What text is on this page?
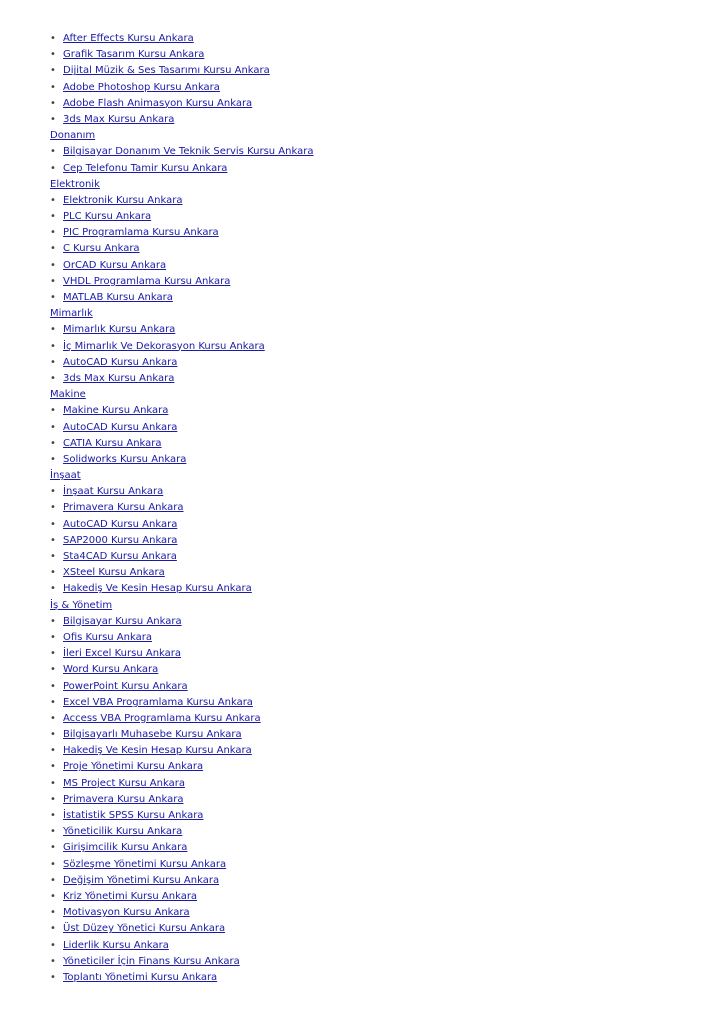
• After Effects Kursu Ankara
• Grafik Tasarım Kursu Ankara
• Dijital Müzik & Ses Tasarımı Kursu Ankara
• Adobe Photoshop Kursu Ankara
• Adobe Flash Animasyon Kursu Ankara
• 3ds Max Kursu Ankara
Donanım
• Bilgisayar Donanım Ve Teknik Servis Kursu Ankara
• Cep Telefonu Tamir Kursu Ankara
Elektronik
• Elektronik Kursu Ankara
• PLC Kursu Ankara
• PIC Programlama Kursu Ankara
• C Kursu Ankara
• OrCAD Kursu Ankara
• VHDL Programlama Kursu Ankara
• MATLAB Kursu Ankara
Mimarlık
• Mimarlık Kursu Ankara
• İç Mimarlık Ve Dekorasyon Kursu Ankara
• AutoCAD Kursu Ankara
• 3ds Max Kursu Ankara
Makine
• Makine Kursu Ankara
• AutoCAD Kursu Ankara
• CATIA Kursu Ankara
• Solidworks Kursu Ankara
İnşaat
• İnşaat Kursu Ankara
• Primavera Kursu Ankara
• AutoCAD Kursu Ankara
• SAP2000 Kursu Ankara
• Sta4CAD Kursu Ankara
• XSteel Kursu Ankara
• Hakediş Ve Kesin Hesap Kursu Ankara
İş & Yönetim
• Bilgisayar Kursu Ankara
• Ofis Kursu Ankara
• İleri Excel Kursu Ankara
• Word Kursu Ankara
• PowerPoint Kursu Ankara
• Excel VBA Programlama Kursu Ankara
• Access VBA Programlama Kursu Ankara
• Bilgisayarlı Muhasebe Kursu Ankara
• Hakediş Ve Kesin Hesap Kursu Ankara
• Proje Yönetimi Kursu Ankara
• MS Project Kursu Ankara
• Primavera Kursu Ankara
• İstatistik SPSS Kursu Ankara
• Yöneticilik Kursu Ankara
• Girişimcilik Kursu Ankara
• Sözleşme Yönetimi Kursu Ankara
• Değişim Yönetimi Kursu Ankara
• Kriz Yönetimi Kursu Ankara
• Motivasyon Kursu Ankara
• Üst Düzey Yönetici Kursu Ankara
• Liderlik Kursu Ankara
• Yöneticiler İçin Finans Kursu Ankara
• Toplantı Yönetimi Kursu Ankara
